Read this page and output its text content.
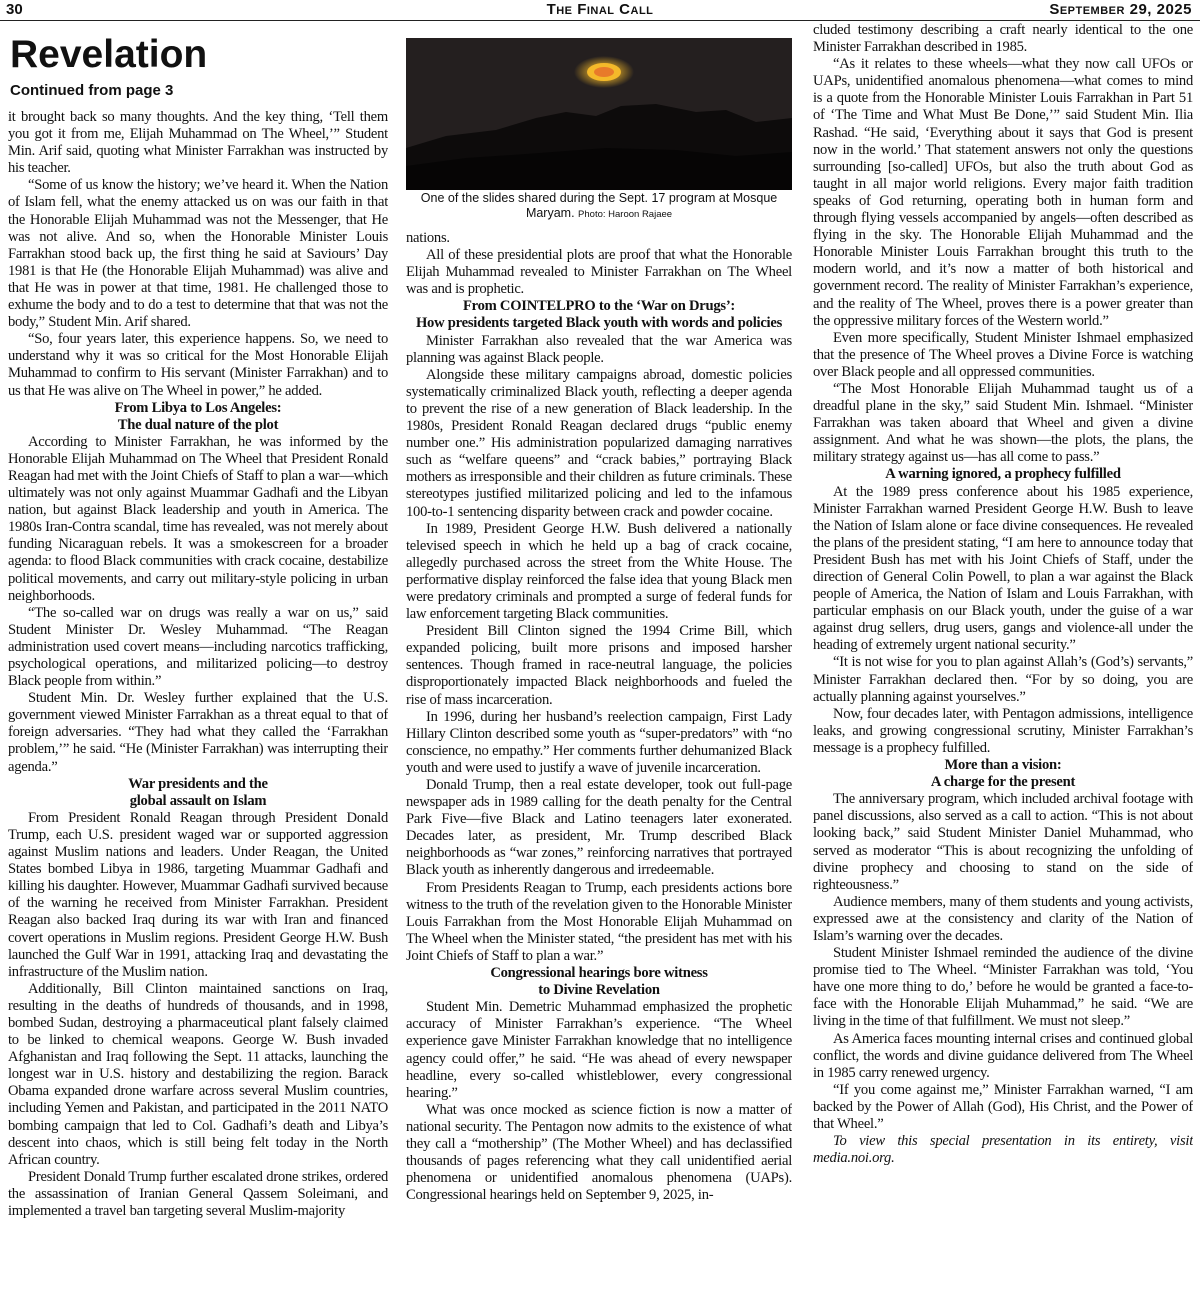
30	The Final Call	September 29, 2025
Revelation
Continued from page 3

it brought back so many thoughts. And the key thing, ‘Tell them you got it from me, Elijah Muhammad on The Wheel,’” Student Min. Arif said, quoting what Minister Farrakhan was instructed by his teacher.

“Some of us know the history; we’ve heard it. When the Nation of Islam fell, what the enemy attacked us on was our faith in that the Honorable Elijah Muhammad was not the Messenger, that He was not alive. And so, when the Honorable Minister Louis Farrakhan stood back up, the first thing he said at Saviours’ Day 1981 is that He (the Honorable Elijah Muhammad) was alive and that He was in power at that time, 1981. He challenged those to exhume the body and to do a test to determine that that was not the body,” Student Min. Arif shared.

“So, four years later, this experience happens. So, we need to understand why it was so critical for the Most Honorable Elijah Muhammad to confirm to His servant (Minister Farrakhan) and to us that He was alive on The Wheel in power,” he added.

From Libya to Los Angeles:
The dual nature of the plot

According to Minister Farrakhan, he was informed by the Honorable Elijah Muhammad on The Wheel that President Ronald Reagan had met with the Joint Chiefs of Staff to plan a war—which ultimately was not only against Muammar Gadhafi and the Libyan nation, but against Black leadership and youth in America. The 1980s Iran-Contra scandal, time has revealed, was not merely about funding Nicaraguan rebels. It was a smokescreen for a broader agenda: to flood Black communities with crack cocaine, destabilize political movements, and carry out military-style policing in urban neighborhoods.

“The so-called war on drugs was really a war on us,” said Student Minister Dr. Wesley Muhammad. “The Reagan administration used covert means—including narcotics trafficking, psychological operations, and militarized policing—to destroy Black people from within.”

Student Min. Dr. Wesley further explained that the U.S. government viewed Minister Farrakhan as a threat equal to that of foreign adversaries. “They had what they called the ‘Farrakhan problem,’” he said. “He (Minister Farrakhan) was interrupting their agenda.”

War presidents and the
global assault on Islam

From President Ronald Reagan through President Donald Trump, each U.S. president waged war or supported aggression against Muslim nations and leaders. Under Reagan, the United States bombed Libya in 1986, targeting Muammar Gadhafi and killing his daughter. However, Muammar Gadhafi survived because of the warning he received from Minister Farrakhan. President Reagan also backed Iraq during its war with Iran and financed covert operations in Muslim regions. President George H.W. Bush launched the Gulf War in 1991, attacking Iraq and devastating the infrastructure of the Muslim nation.

Additionally, Bill Clinton maintained sanctions on Iraq, resulting in the deaths of hundreds of thousands, and in 1998, bombed Sudan, destroying a pharmaceutical plant falsely claimed to be linked to chemical weapons. George W. Bush invaded Afghanistan and Iraq following the Sept. 11 attacks, launching the longest war in U.S. history and destabilizing the region. Barack Obama expanded drone warfare across several Muslim countries, including Yemen and Pakistan, and participated in the 2011 NATO bombing campaign that led to Col. Gadhafi’s death and Libya’s descent into chaos, which is still being felt today in the North African country.

President Donald Trump further escalated drone strikes, ordered the assassination of Iranian General Qassem Soleimani, and implemented a travel ban targeting several Muslim-majority

One of the slides shared during the Sept. 17 program at Mosque Maryam. Photo: Haroon Rajaee

nations.

All of these presidential plots are proof that what the Honorable Elijah Muhammad revealed to Minister Farrakhan on The Wheel was and is prophetic.

From COINTELPRO to the ‘War on Drugs’:
How presidents targeted Black youth with words and policies

Minister Farrakhan also revealed that the war America was planning was against Black people.

Alongside these military campaigns abroad, domestic policies systematically criminalized Black youth, reflecting a deeper agenda to prevent the rise of a new generation of Black leadership. In the 1980s, President Ronald Reagan declared drugs “public enemy number one.” His administration popularized damaging narratives such as “welfare queens” and “crack babies,” portraying Black mothers as irresponsible and their children as future criminals. These stereotypes justified militarized policing and led to the infamous 100-to-1 sentencing disparity between crack and powder cocaine.

In 1989, President George H.W. Bush delivered a nationally televised speech in which he held up a bag of crack cocaine, allegedly purchased across the street from the White House. The performative display reinforced the false idea that young Black men were predatory criminals and prompted a surge of federal funds for law enforcement targeting Black communities.

President Bill Clinton signed the 1994 Crime Bill, which expanded policing, built more prisons and imposed harsher sentences. Though framed in race-neutral language, the policies disproportionately impacted Black neighborhoods and fueled the rise of mass incarceration.

In 1996, during her husband’s reelection campaign, First Lady Hillary Clinton described some youth as “super-predators” with “no conscience, no empathy.” Her comments further dehumanized Black youth and were used to justify a wave of juvenile incarceration.

Donald Trump, then a real estate developer, took out full-page newspaper ads in 1989 calling for the death penalty for the Central Park Five—five Black and Latino teenagers later exonerated. Decades later, as president, Mr. Trump described Black neighborhoods as “war zones,” reinforcing narratives that portrayed Black youth as inherently dangerous and irredeemable.

From Presidents Reagan to Trump, each presidents actions bore witness to the truth of the revelation given to the Honorable Minister Louis Farrakhan from the Most Honorable Elijah Muhammad on The Wheel when the Minister stated, “the president has met with his Joint Chiefs of Staff to plan a war.”

Congressional hearings bore witness
to Divine Revelation

Student Min. Demetric Muhammad emphasized the prophetic accuracy of Minister Farrakhan’s experience. “The Wheel experience gave Minister Farrakhan knowledge that no intelligence agency could offer,” he said. “He was ahead of every newspaper headline, every so-called whistleblower, every congressional hearing.”

What was once mocked as science fiction is now a matter of national security. The Pentagon now admits to the existence of what they call a “mothership” (The Mother Wheel) and has declassified thousands of pages referencing what they call unidentified aerial phenomena or unidentified anomalous phenomena (UAPs). Congressional hearings held on September 9, 2025, in-

cluded testimony describing a craft nearly identical to the one Minister Farrakhan described in 1985.

“As it relates to these wheels—what they now call UFOs or UAPs, unidentified anomalous phenomena—what comes to mind is a quote from the Honorable Minister Louis Farrakhan in Part 51 of ‘The Time and What Must Be Done,’” said Student Min. Ilia Rashad. “He said, ‘Everything about it says that God is present now in the world.’ That statement answers not only the questions surrounding [so-called] UFOs, but also the truth about God as taught in all major world religions. Every major faith tradition speaks of God returning, operating both in human form and through flying vessels accompanied by angels—often described as flying in the sky. The Honorable Elijah Muhammad and the Honorable Minister Louis Farrakhan brought this truth to the modern world, and it’s now a matter of both historical and government record. The reality of Minister Farrakhan’s experience, and the reality of The Wheel, proves there is a power greater than the oppressive military forces of the Western world.”

Even more specifically, Student Minister Ishmael emphasized that the presence of The Wheel proves a Divine Force is watching over Black people and all oppressed communities.

“The Most Honorable Elijah Muhammad taught us of a dreadful plane in the sky,” said Student Min. Ishmael. “Minister Farrakhan was taken aboard that Wheel and given a divine assignment. And what he was shown—the plots, the plans, the military strategy against us—has all come to pass.”

A warning ignored, a prophecy fulfilled

At the 1989 press conference about his 1985 experience, Minister Farrakhan warned President George H.W. Bush to leave the Nation of Islam alone or face divine consequences. He revealed the plans of the president stating, “I am here to announce today that President Bush has met with his Joint Chiefs of Staff, under the direction of General Colin Powell, to plan a war against the Black people of America, the Nation of Islam and Louis Farrakhan, with particular emphasis on our Black youth, under the guise of a war against drug sellers, drug users, gangs and violence-all under the heading of extremely urgent national security.”

“It is not wise for you to plan against Allah’s (God’s) servants,” Minister Farrakhan declared then. “For by so doing, you are actually planning against yourselves.”

Now, four decades later, with Pentagon admissions, intelligence leaks, and growing congressional scrutiny, Minister Farrakhan’s message is a prophecy fulfilled.

More than a vision:
A charge for the present

The anniversary program, which included archival footage with panel discussions, also served as a call to action. “This is not about looking back,” said Student Minister Daniel Muhammad, who served as moderator “This is about recognizing the unfolding of divine prophecy and choosing to stand on the side of righteousness.”

Audience members, many of them students and young activists, expressed awe at the consistency and clarity of the Nation of Islam’s warning over the decades.

Student Minister Ishmael reminded the audience of the divine promise tied to The Wheel. “Minister Farrakhan was told, ‘You have one more thing to do,’ before he would be granted a face-to-face with the Honorable Elijah Muhammad,” he said. “We are living in the time of that fulfillment. We must not sleep.”

As America faces mounting internal crises and continued global conflict, the words and divine guidance delivered from The Wheel in 1985 carry renewed urgency.

“If you come against me,” Minister Farrakhan warned, “I am backed by the Power of Allah (God), His Christ, and the Power of that Wheel.”

To view this special presentation in its entirety, visit media.noi.org.
